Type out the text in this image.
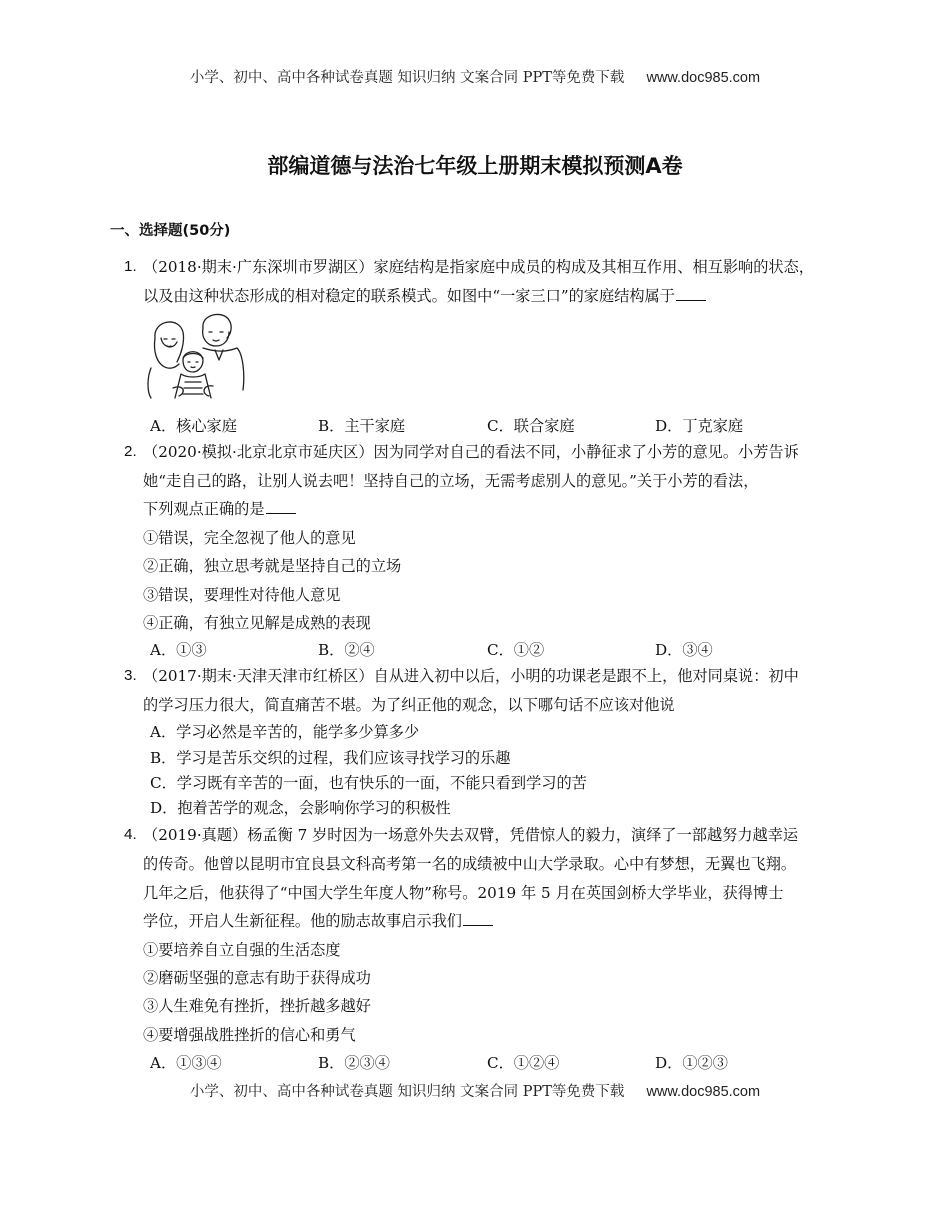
小学、初中、高中各种试卷真题 知识归纳 文案合同 PPT等免费下载 www.doc985.com
部编道德与法治七年级上册期末模拟预测A卷
一、选择题(50分)
1. （2018·期末·广东深圳市罗湖区）家庭结构是指家庭中成员的构成及其相互作用、相互影响的状态，
以及由这种状态形成的相对稳定的联系模式。如图中“一家三口”的家庭结构属于
A．核心家庭	B．主干家庭	C．联合家庭	D．丁克家庭
2. （2020·模拟·北京北京市延庆区）因为同学对自己的看法不同，小静征求了小芳的意见。小芳告诉
她“走自己的路，让别人说去吧！坚持自己的立场，无需考虑别人的意见。”关于小芳的看法，
下列观点正确的是
①错误，完全忽视了他人的意见
②正确，独立思考就是坚持自己的立场
③错误，要理性对待他人意见
④正确，有独立见解是成熟的表现
A．①③	B．②④	C．①②	D．③④
3. （2017·期末·天津天津市红桥区）自从进入初中以后，小明的功课老是跟不上，他对同桌说：初中
的学习压力很大，简直痛苦不堪。为了纠正他的观念，以下哪句话不应该对他说
A．学习必然是辛苦的，能学多少算多少
B．学习是苦乐交织的过程，我们应该寻找学习的乐趣
C．学习既有辛苦的一面，也有快乐的一面，不能只看到学习的苦
D．抱着苦学的观念，会影响你学习的积极性
4. （2019·真题）杨孟衡 7 岁时因为一场意外失去双臂，凭借惊人的毅力，演绎了一部越努力越幸运
的传奇。他曾以昆明市宜良县文科高考第一名的成绩被中山大学录取。心中有梦想，无翼也飞翔。
几年之后，他获得了“中国大学生年度人物”称号。2019 年 5 月在英国剑桥大学毕业，获得博士
学位，开启人生新征程。他的励志故事启示我们
①要培养自立自强的生活态度
②磨砺坚强的意志有助于获得成功
③人生难免有挫折，挫折越多越好
④要增强战胜挫折的信心和勇气
A．①③④	B．②③④	C．①②④	D．①②③
小学、初中、高中各种试卷真题 知识归纳 文案合同 PPT等免费下载 www.doc985.com
